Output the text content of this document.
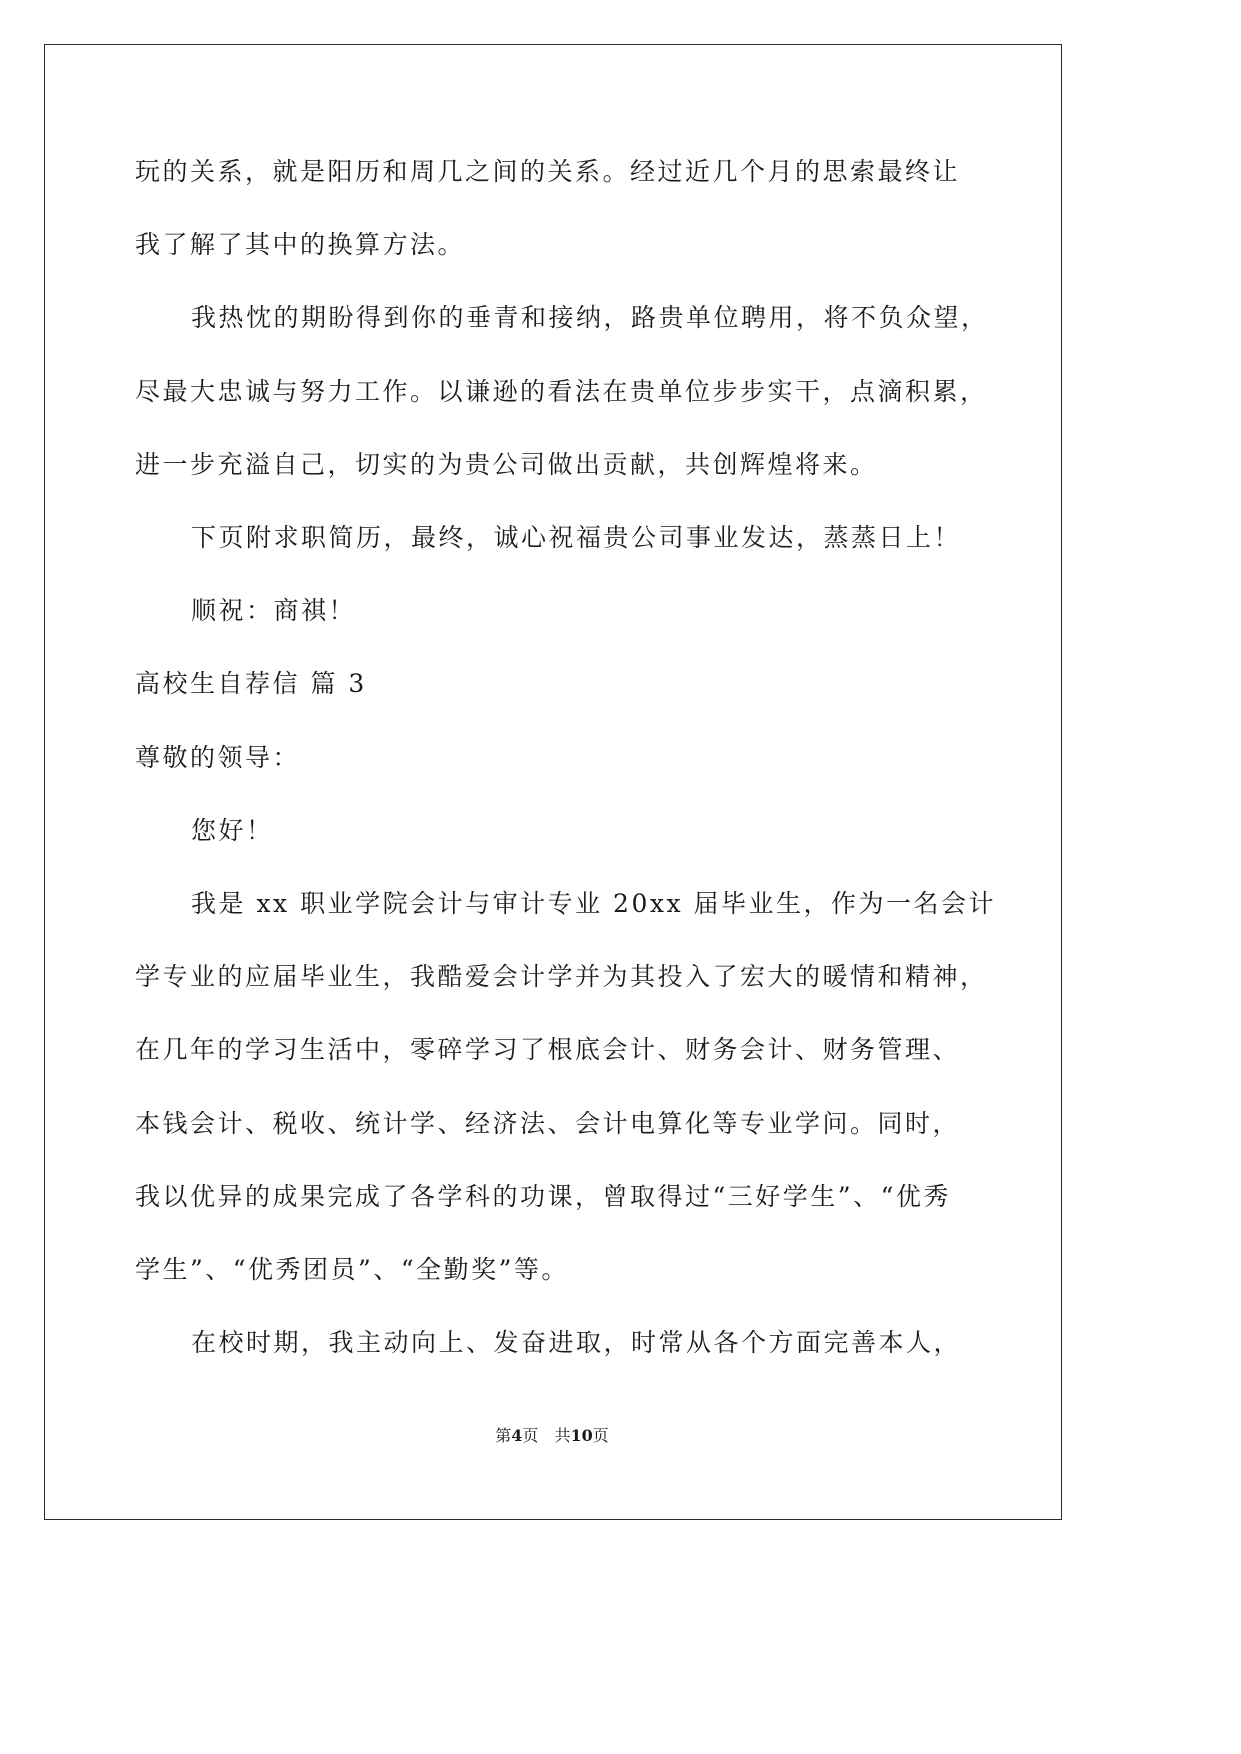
玩的关系，就是阳历和周几之间的关系。经过近几个月的思索最终让
我了解了其中的换算方法。
我热忱的期盼得到你的垂青和接纳，路贵单位聘用，将不负众望，
尽最大忠诚与努力工作。以谦逊的看法在贵单位步步实干，点滴积累，
进一步充溢自己，切实的为贵公司做出贡献，共创辉煌将来。
下页附求职简历，最终，诚心祝福贵公司事业发达，蒸蒸日上！
顺祝：商祺！
高校生自荐信 篇 3
尊敬的领导：
您好！
我是 xx 职业学院会计与审计专业 20xx 届毕业生，作为一名会计
学专业的应届毕业生，我酷爱会计学并为其投入了宏大的暖情和精神，
在几年的学习生活中，零碎学习了根底会计、财务会计、财务管理、
本钱会计、税收、统计学、经济法、会计电算化等专业学问。同时，
我以优异的成果完成了各学科的功课，曾取得过“三好学生”、“优秀
学生”、“优秀团员”、“全勤奖”等。
在校时期，我主动向上、发奋进取，时常从各个方面完善本人，
第4页 共10页
